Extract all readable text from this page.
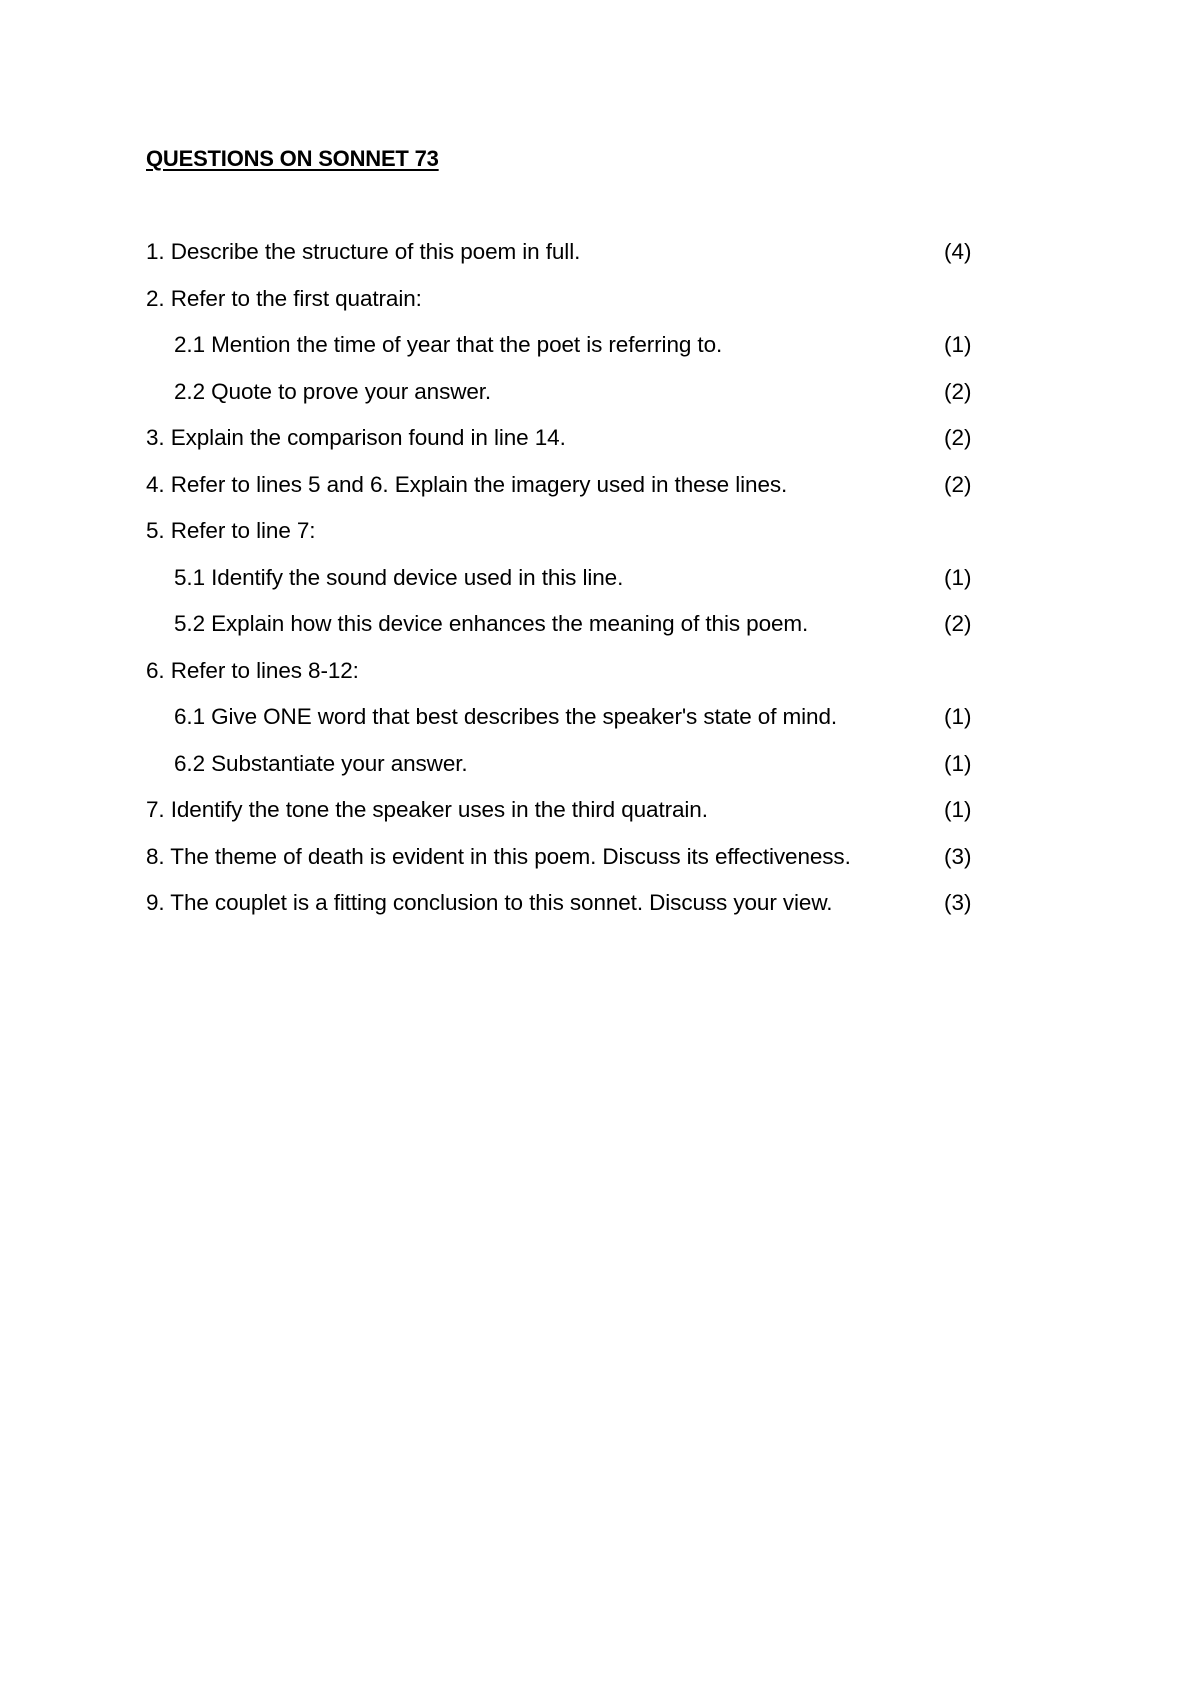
QUESTIONS ON SONNET 73
1. Describe the structure of this poem in full.	(4)
2. Refer to the first quatrain:
2.1 Mention the time of year that the poet is referring to.	(1)
2.2 Quote to prove your answer.	(2)
3. Explain the comparison found in line 14.	(2)
4. Refer to lines 5 and 6. Explain the imagery used in these lines.	(2)
5. Refer to line 7:
5.1 Identify the sound device used in this line.	(1)
5.2 Explain how this device enhances the meaning of this poem.	(2)
6. Refer to lines 8-12:
6.1 Give ONE word that best describes the speaker's state of mind.	(1)
6.2 Substantiate your answer.	(1)
7. Identify the tone the speaker uses in the third quatrain.	(1)
8. The theme of death is evident in this poem. Discuss its effectiveness.	(3)
9. The couplet is a fitting conclusion to this sonnet. Discuss your view.	(3)
